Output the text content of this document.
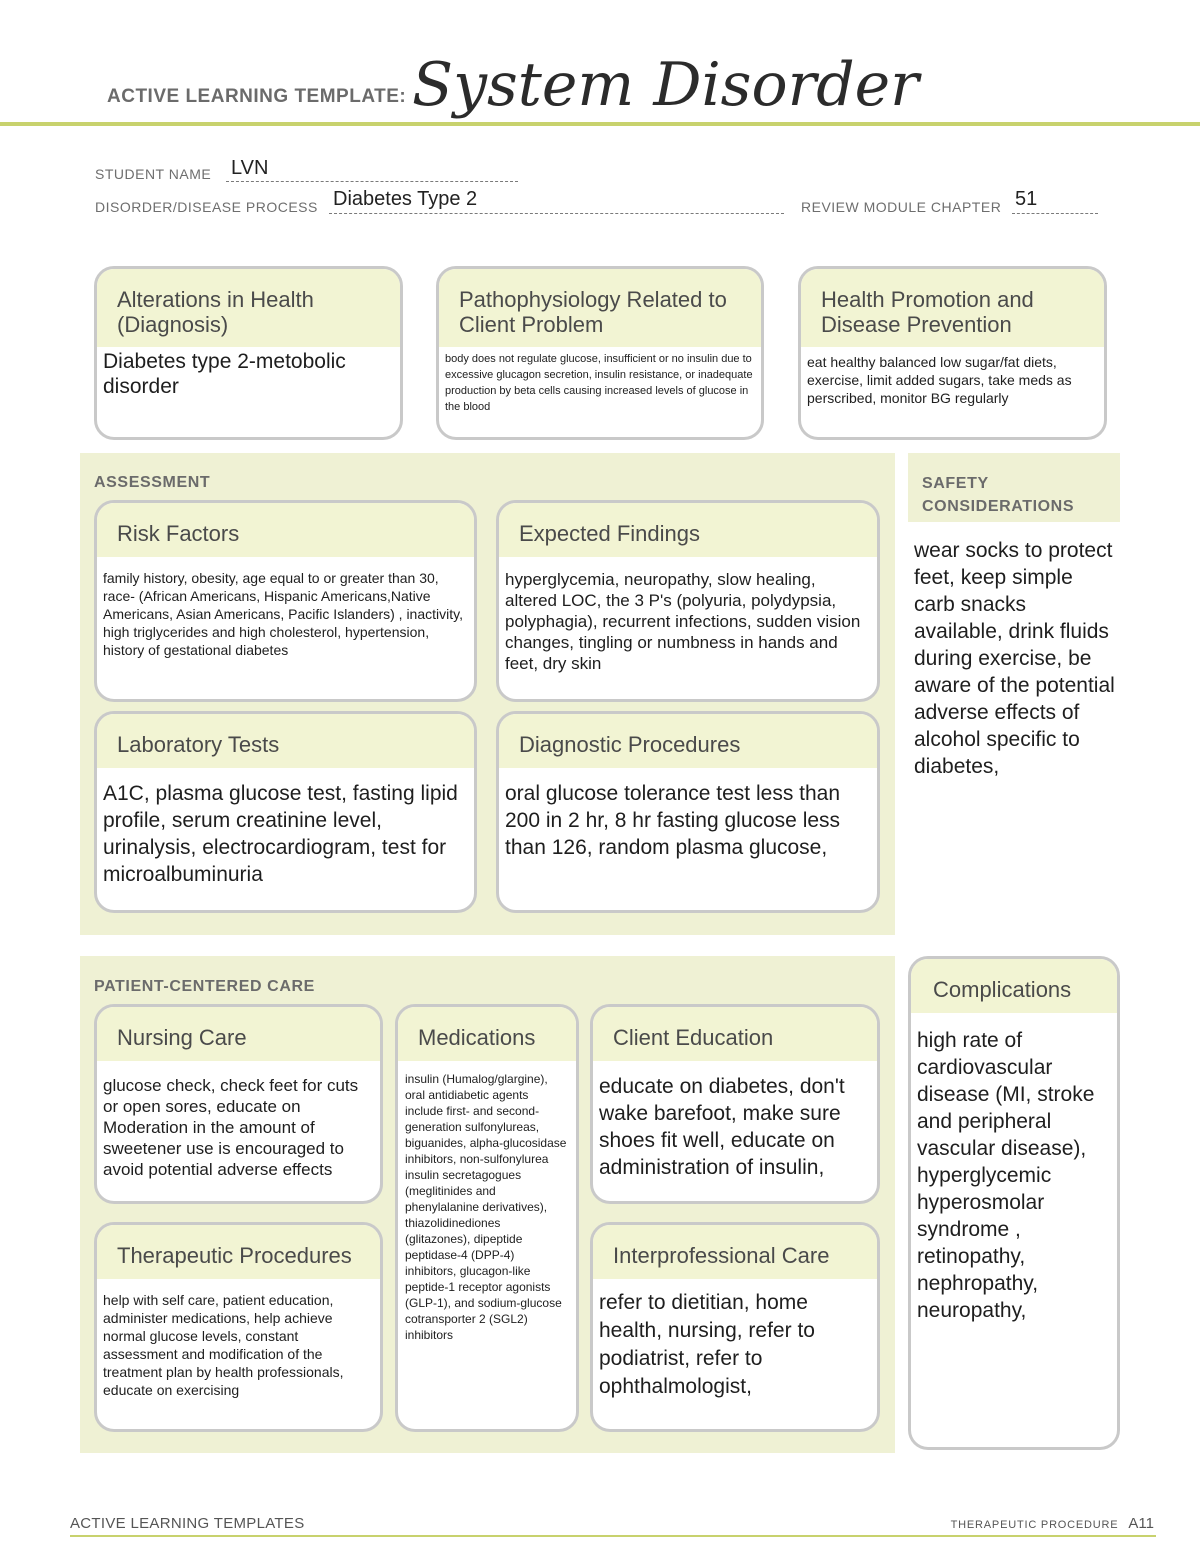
ACTIVE LEARNING TEMPLATE: System Disorder
STUDENT NAME LVN
DISORDER/DISEASE PROCESS Diabetes Type 2	REVIEW MODULE CHAPTER 51
Alterations in Health (Diagnosis)
Diabetes type 2-metobolic disorder
Pathophysiology Related to Client Problem
body does not regulate glucose, insufficient or no insulin due to excessive glucagon secretion, insulin resistance, or inadequate production by beta cells causing increased levels of glucose in the blood
Health Promotion and Disease Prevention
eat healthy balanced low sugar/fat diets, exercise, limit added sugars, take meds as perscribed, monitor BG regularly
ASSESSMENT
Risk Factors
family history, obesity, age equal to or greater than 30, race- (African Americans, Hispanic Americans,Native Americans, Asian Americans, Pacific Islanders) , inactivity, high triglycerides and high cholesterol, hypertension, history of gestational diabetes
Expected Findings
hyperglycemia, neuropathy, slow healing, altered LOC, the 3 P's (polyuria, polydypsia, polyphagia), recurrent infections, sudden vision changes, tingling or numbness in hands and feet, dry skin
Laboratory Tests
A1C, plasma glucose test, fasting lipid profile, serum creatinine level, urinalysis, electrocardiogram, test for microalbuminuria
Diagnostic Procedures
oral glucose tolerance test less than 200 in 2 hr, 8 hr fasting glucose less than 126, random plasma glucose,
SAFETY CONSIDERATIONS
wear socks to protect feet, keep simple carb snacks available, drink fluids during exercise, be aware of the potential adverse effects of alcohol specific to diabetes,
PATIENT-CENTERED CARE
Nursing Care
glucose check, check feet for cuts or open sores, educate on Moderation in the amount of sweetener use is encouraged to avoid potential adverse effects
Medications
insulin (Humalog/glargine), oral antidiabetic agents include first- and second-generation sulfonylureas, biguanides, alpha-glucosidase inhibitors, non-sulfonylurea insulin secretagogues (meglitinides and phenylalanine derivatives), thiazolidinediones (glitazones), dipeptide peptidase-4 (DPP-4) inhibitors, glucagon-like peptide-1 receptor agonists (GLP-1), and sodium-glucose cotransporter 2 (SGL2) inhibitors
Client Education
educate on diabetes, don't wake barefoot, make sure shoes fit well, educate on administration of insulin,
Therapeutic Procedures
help with self care, patient education, administer medications, help achieve normal glucose levels, constant assessment and modification of the treatment plan by health professionals, educate on exercising
Interprofessional Care
refer to dietitian, home health, nursing, refer to podiatrist, refer to ophthalmologist,
Complications
high rate of cardiovascular disease (MI, stroke and peripheral vascular disease), hyperglycemic hyperosmolar syndrome , retinopathy, nephropathy, neuropathy,
ACTIVE LEARNING TEMPLATES	THERAPEUTIC PROCEDURE A11
